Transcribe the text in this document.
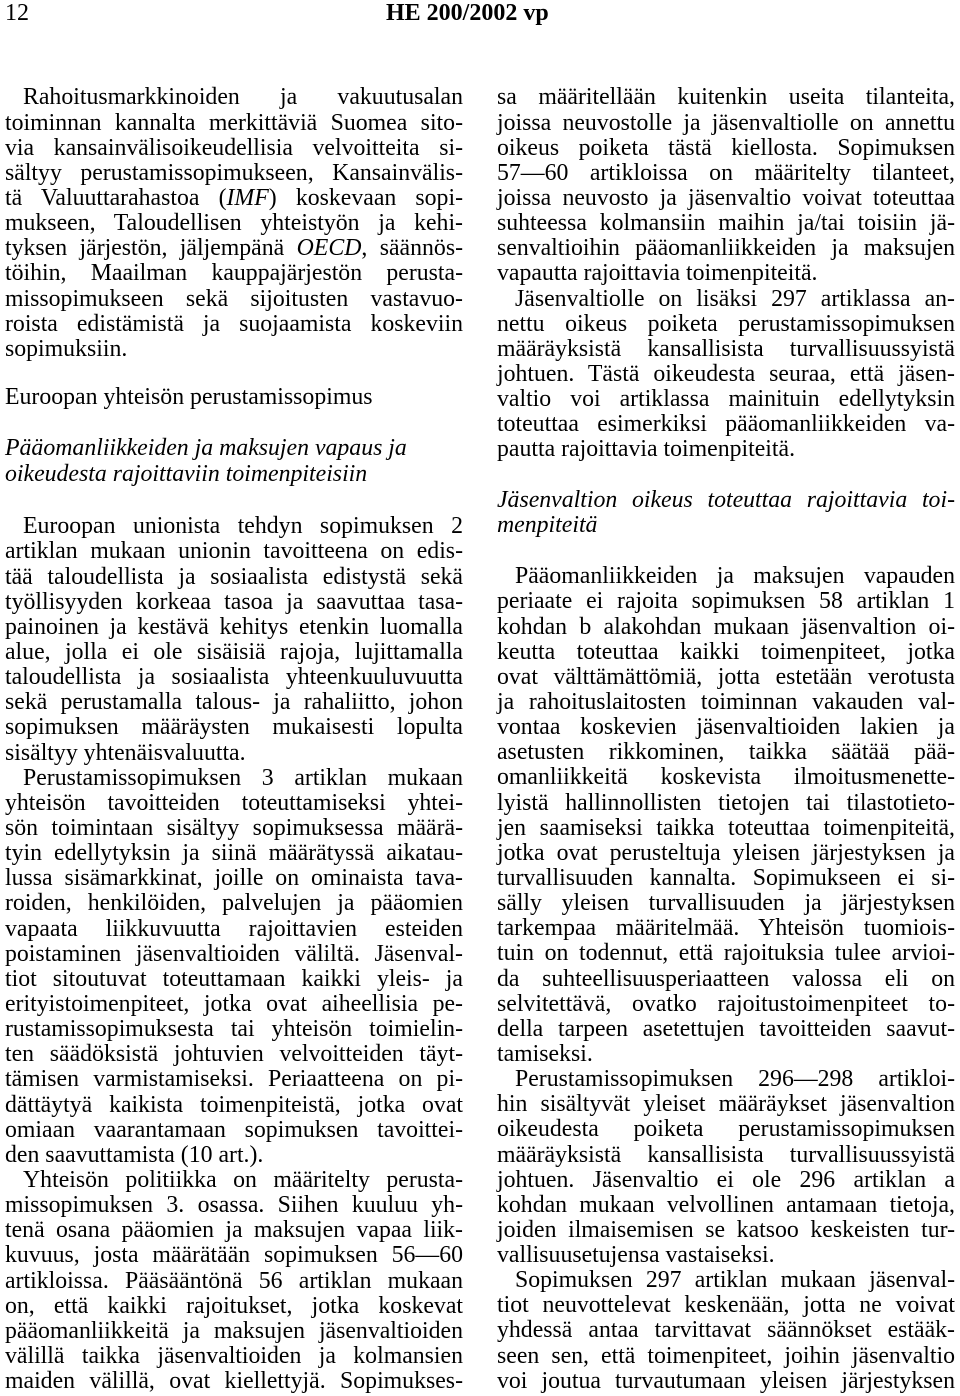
12	HE 200/2002 vp
Rahoitusmarkkinoiden ja vakuutusalan
toiminnan kannalta merkittäviä Suomea sito-
via kansainvälisoikeudellisia velvoitteita si-
sältyy perustamissopimukseen, Kansainvälis-
tä Valuuttarahastoa (IMF) koskevaan sopi-
mukseen, Taloudellisen yhteistyön ja kehi-
tyksen järjestön, jäljempänä OECD, säännös-
töihin, Maailman kauppajärjestön perusta-
missopimukseen sekä sijoitusten vastavuo-
roista edistämistä ja suojaamista koskeviin
sopimuksiin.
Euroopan yhteisön perustamissopimus
Pääomanliikkeiden ja maksujen vapaus ja
oikeudesta rajoittaviin toimenpiteisiin
Euroopan unionista tehdyn sopimuksen 2
artiklan mukaan unionin tavoitteena on edis-
tää taloudellista ja sosiaalista edistystä sekä
työllisyyden korkeaa tasoa ja saavuttaa tasa-
painoinen ja kestävä kehitys etenkin luomalla
alue, jolla ei ole sisäisiä rajoja, lujittamalla
taloudellista ja sosiaalista yhteenkuuluvuutta
sekä perustamalla talous- ja rahaliitto, johon
sopimuksen määräysten mukaisesti lopulta
sisältyy yhtenäisvaluutta.
Perustamissopimuksen 3 artiklan mukaan
yhteisön tavoitteiden toteuttamiseksi yhtei-
sön toimintaan sisältyy sopimuksessa määrä-
tyin edellytyksin ja siinä määrätyssä aikatau-
lussa sisämarkkinat, joille on ominaista tava-
roiden, henkilöiden, palvelujen ja pääomien
vapaata liikkuvuutta rajoittavien esteiden
poistaminen jäsenvaltioiden väliltä. Jäsenval-
tiot sitoutuvat toteuttamaan kaikki yleis- ja
erityistoimenpiteet, jotka ovat aiheellisia pe-
rustamissopimuksesta tai yhteisön toimielin-
ten säädöksistä johtuvien velvoitteiden täyt-
tämisen varmistamiseksi. Periaatteena on pi-
dättäytyä kaikista toimenpiteistä, jotka ovat
omiaan vaarantamaan sopimuksen tavoittei-
den saavuttamista (10 art.).
Yhteisön politiikka on määritelty perusta-
missopimuksen 3. osassa. Siihen kuuluu yh-
tenä osana pääomien ja maksujen vapaa liik-
kuvuus, josta määrätään sopimuksen 56—60
artikloissa. Pääsääntönä 56 artiklan mukaan
on, että kaikki rajoitukset, jotka koskevat
pääomanliikkeitä ja maksujen jäsenvaltioiden
välillä taikka jäsenvaltioiden ja kolmansien
maiden välillä, ovat kiellettyjä. Sopimukses-
sa määritellään kuitenkin useita tilanteita,
joissa neuvostolle ja jäsenvaltiolle on annettu
oikeus poiketa tästä kiellosta. Sopimuksen
57—60 artikloissa on määritelty tilanteet,
joissa neuvosto ja jäsenvaltio voivat toteuttaa
suhteessa kolmansiin maihin ja/tai toisiin jä-
senvaltioihin pääomanliikkeiden ja maksujen
vapautta rajoittavia toimenpiteitä.
Jäsenvaltiolle on lisäksi 297 artiklassa an-
nettu oikeus poiketa perustamissopimuksen
määräyksistä kansallisista turvallisuussyistä
johtuen. Tästä oikeudesta seuraa, että jäsen-
valtio voi artiklassa mainituin edellytyksin
toteuttaa esimerkiksi pääomanliikkeiden va-
pautta rajoittavia toimenpiteitä.
Jäsenvaltion oikeus toteuttaa rajoittavia toi-
menpiteitä
Pääomanliikkeiden ja maksujen vapauden
periaate ei rajoita sopimuksen 58 artiklan 1
kohdan b alakohdan mukaan jäsenvaltion oi-
keutta toteuttaa kaikki toimenpiteet, jotka
ovat välttämättömiä, jotta estetään verotusta
ja rahoituslaitosten toiminnan vakauden val-
vontaa koskevien jäsenvaltioiden lakien ja
asetusten rikkominen, taikka säätää pää-
omanliikkeitä koskevista ilmoitusmenette-
lyistä hallinnollisten tietojen tai tilastotieto-
jen saamiseksi taikka toteuttaa toimenpiteitä,
jotka ovat perusteltuja yleisen järjestyksen ja
turvallisuuden kannalta. Sopimukseen ei si-
sälly yleisen turvallisuuden ja järjestyksen
tarkempaa määritelmää. Yhteisön tuomiois-
tuin on todennut, että rajoituksia tulee arvioi-
da suhteellisuusperiaatteen valossa eli on
selvitettävä, ovatko rajoitustoimenpiteet to-
della tarpeen asetettujen tavoitteiden saavut-
tamiseksi.
Perustamissopimuksen 296—298 artikloi-
hin sisältyvät yleiset määräykset jäsenvaltion
oikeudesta poiketa perustamissopimuksen
määräyksistä kansallisista turvallisuussyistä
johtuen. Jäsenvaltio ei ole 296 artiklan a
kohdan mukaan velvollinen antamaan tietoja,
joiden ilmaisemisen se katsoo keskeisten tur-
vallisuusetujensa vastaiseksi.
Sopimuksen 297 artiklan mukaan jäsenval-
tiot neuvottelevat keskenään, jotta ne voivat
yhdessä antaa tarvittavat säännökset estääk-
seen sen, että toimenpiteet, joihin jäsenvaltio
voi joutua turvautumaan yleisen järjestyksen
